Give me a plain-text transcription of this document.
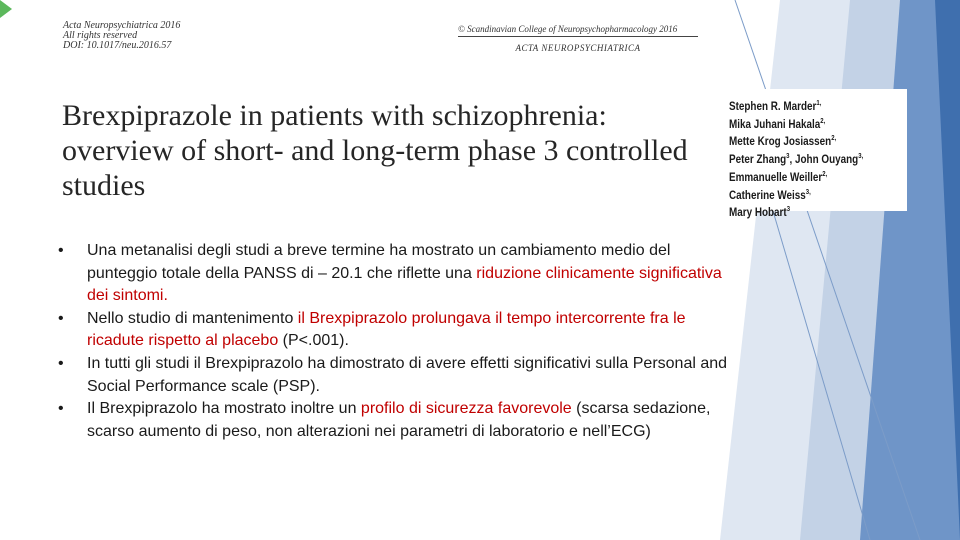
Acta Neuropsychiatrica 2016
All rights reserved
DOI: 10.1017/neu.2016.57
© Scandinavian College of Neuropsychopharmacology 2016
ACTA NEUROPSYCHIATRICA
Brexpiprazole in patients with schizophrenia: overview of short- and long-term phase 3 controlled studies
Stephen R. Marder$^{1,}$
Mika Juhani Hakala$^{2,}$
Mette Krog Josiassen$^{2,}$
Peter Zhang$^3$, John Ouyang$^{3,}$
Emmanuelle Weiller$^{2,}$
Catherine Weiss$^{3,}$
Mary Hobart$^3$
• Una metanalisi degli studi a breve termine ha mostrato un cambiamento medio del punteggio totale della PANSS di – 20.1 che riflette una riduzione clinicamente significativa dei sintomi.
• Nello studio di mantenimento il Brexpiprazolo prolungava il tempo intercorrente fra le ricadute rispetto al placebo (P<.001).
• In tutti gli studi il Brexpiprazolo ha dimostrato di avere effetti significativi sulla Personal and Social Performance scale (PSP).
• Il Brexpiprazolo ha mostrato inoltre un profilo di sicurezza favorevole (scarsa sedazione, scarso aumento di peso, non alterazioni nei parametri di laboratorio e nell’ECG)
